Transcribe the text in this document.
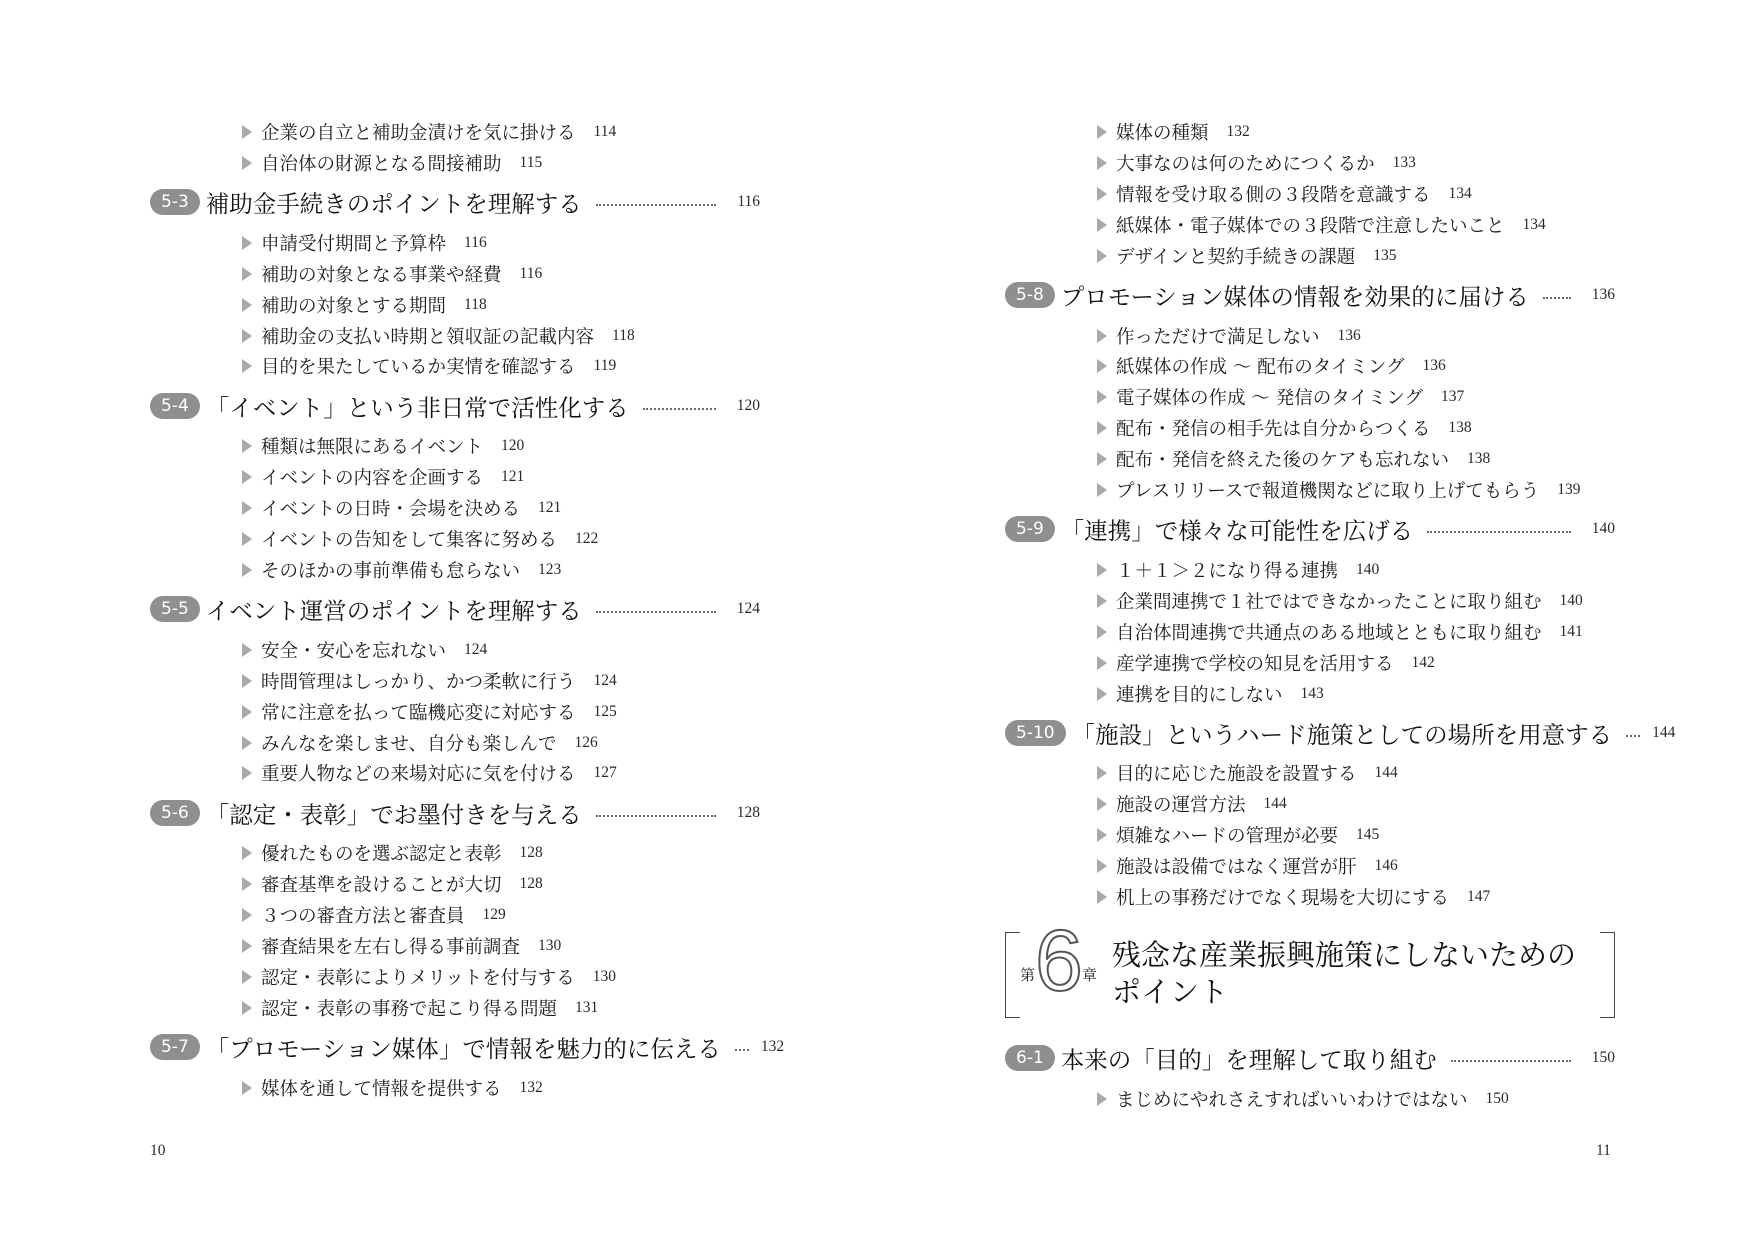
企業の自立と補助金漬けを気に掛ける 114
自治体の財源となる間接補助 115
5-3 補助金手続きのポイントを理解する	116
申請受付期間と予算枠 116
補助の対象となる事業や経費 116
補助の対象とする期間 118
補助金の支払い時期と領収証の記載内容 118
目的を果たしているか実情を確認する 119
5-4 「イベント」という非日常で活性化する	120
種類は無限にあるイベント 120
イベントの内容を企画する 121
イベントの日時・会場を決める 121
イベントの告知をして集客に努める 122
そのほかの事前準備も怠らない 123
5-5 イベント運営のポイントを理解する	124
安全・安心を忘れない 124
時間管理はしっかり、かつ柔軟に行う 124
常に注意を払って臨機応変に対応する 125
みんなを楽しませ、自分も楽しんで 126
重要人物などの来場対応に気を付ける 127
5-6 「認定・表彰」でお墨付きを与える	128
優れたものを選ぶ認定と表彰 128
審査基準を設けることが大切 128
３つの審査方法と審査員 129
審査結果を左右し得る事前調査 130
認定・表彰によりメリットを付与する 130
認定・表彰の事務で起こり得る問題 131
5-7 「プロモーション媒体」で情報を魅力的に伝える	132
媒体を通して情報を提供する 132
第 6 章
残念な産業振興施策にしないための
ポイント
媒体の種類 132
大事なのは何のためにつくるか 133
情報を受け取る側の３段階を意識する 134
紙媒体・電子媒体での３段階で注意したいこと 134
デザインと契約手続きの課題 135
5-8 プロモーション媒体の情報を効果的に届ける	136
作っただけで満足しない 136
紙媒体の作成 〜 配布のタイミング 136
電子媒体の作成 〜 発信のタイミング 137
配布・発信の相手先は自分からつくる 138
配布・発信を終えた後のケアも忘れない 138
プレスリリースで報道機関などに取り上げてもらう 139
5-9 「連携」で様々な可能性を広げる	140
１＋１＞２になり得る連携 140
企業間連携で１社ではできなかったことに取り組む 140
自治体間連携で共通点のある地域とともに取り組む 141
産学連携で学校の知見を活用する 142
連携を目的にしない 143
5-10 「施設」というハード施策としての場所を用意する	144
目的に応じた施設を設置する 144
施設の運営方法 144
煩雑なハードの管理が必要 145
施設は設備ではなく運営が肝 146
机上の事務だけでなく現場を大切にする 147
6-1 本来の「目的」を理解して取り組む	150
まじめにやれさえすればいいわけではない 150
10	11
